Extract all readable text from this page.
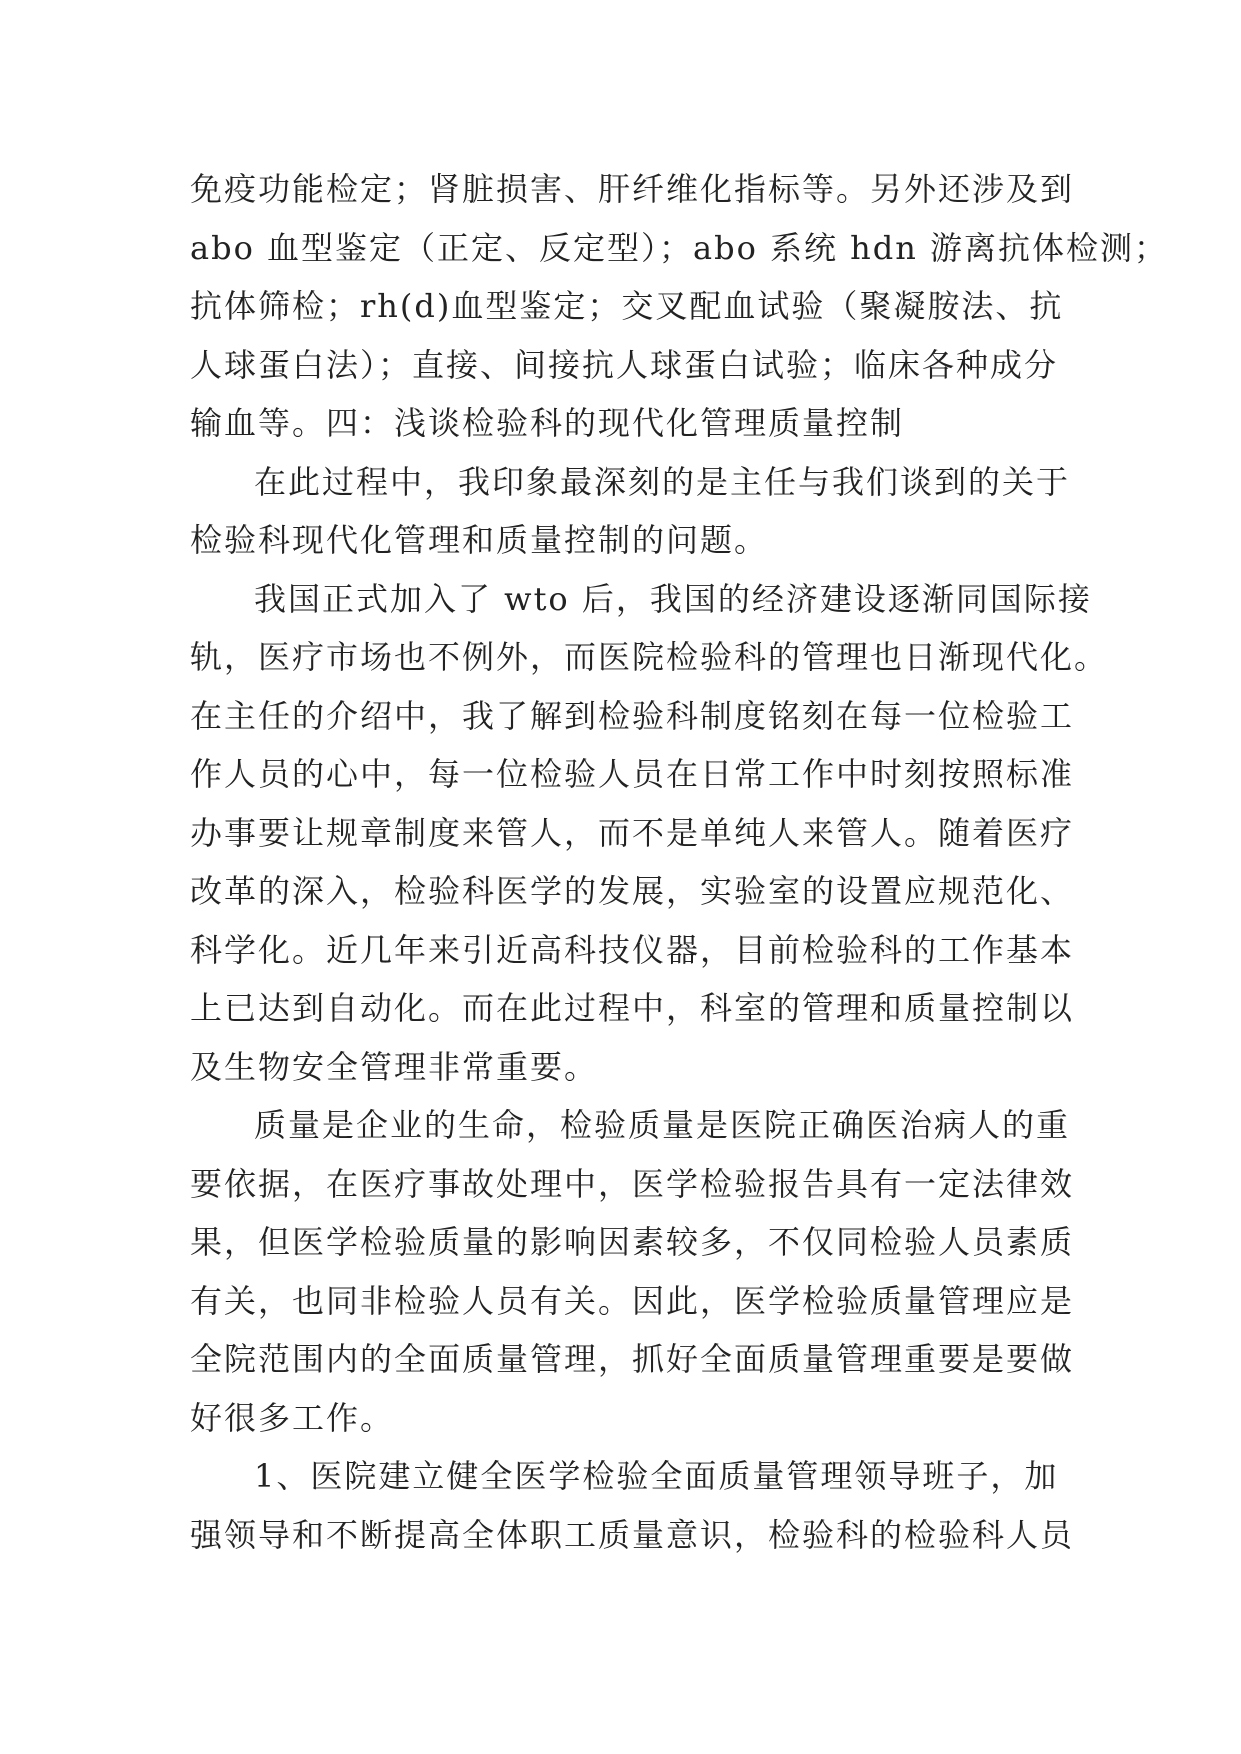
免疫功能检定；肾脏损害、肝纤维化指标等。另外还涉及到
abo 血型鉴定（正定、反定型）；abo 系统 hdn 游离抗体检测；
抗体筛检；rh(d)血型鉴定；交叉配血试验（聚凝胺法、抗
人球蛋白法）；直接、间接抗人球蛋白试验；临床各种成分
输血等。四：浅谈检验科的现代化管理质量控制
在此过程中，我印象最深刻的是主任与我们谈到的关于
检验科现代化管理和质量控制的问题。
我国正式加入了 wto 后，我国的经济建设逐渐同国际接
轨，医疗市场也不例外，而医院检验科的管理也日渐现代化。
在主任的介绍中，我了解到检验科制度铭刻在每一位检验工
作人员的心中，每一位检验人员在日常工作中时刻按照标准
办事要让规章制度来管人，而不是单纯人来管人。随着医疗
改革的深入，检验科医学的发展，实验室的设置应规范化、
科学化。近几年来引近高科技仪器，目前检验科的工作基本
上已达到自动化。而在此过程中，科室的管理和质量控制以
及生物安全管理非常重要。
质量是企业的生命，检验质量是医院正确医治病人的重
要依据，在医疗事故处理中，医学检验报告具有一定法律效
果，但医学检验质量的影响因素较多，不仅同检验人员素质
有关，也同非检验人员有关。因此，医学检验质量管理应是
全院范围内的全面质量管理，抓好全面质量管理重要是要做
好很多工作。
1、医院建立健全医学检验全面质量管理领导班子，加
强领导和不断提高全体职工质量意识，检验科的检验科人员
